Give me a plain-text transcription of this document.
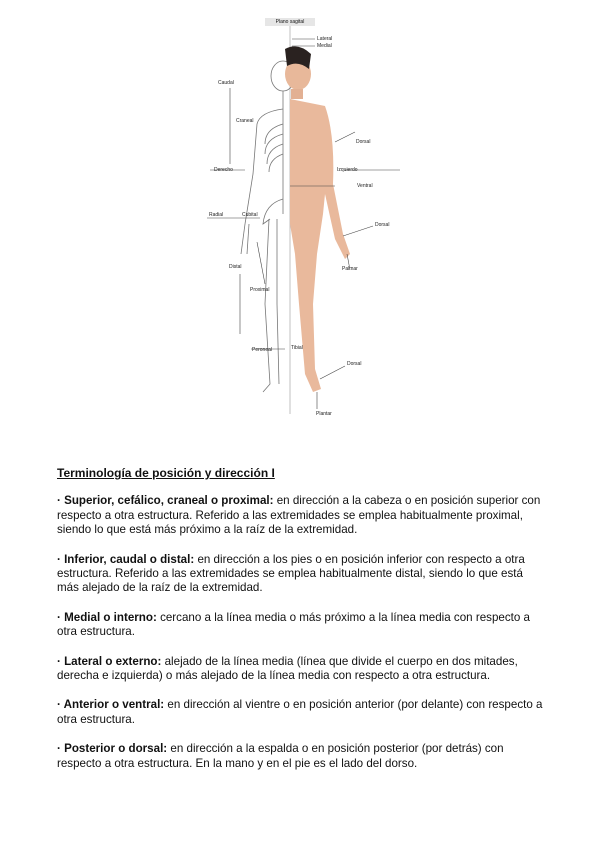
Plano sagital
Lateral
Medial
Caudal
Craneal
Dorsal
Derecho	Izquierdo
Ventral
Radial	Cubital
Dorsal
Palmar
Distal
Proximal
Peroneal	Tibial
Dorsal
Plantar
Terminología de posición y dirección I
· Superior, cefálico, craneal o proximal: en dirección a la cabeza o en posición superior con respecto a otra estructura. Referido a las extremidades se emplea habitualmente proximal, siendo lo que está más próximo a la raíz de la extremidad.
· Inferior, caudal o distal: en dirección a los pies o en posición inferior con respecto a otra estructura. Referido a las extremidades se emplea habitualmente distal, siendo lo que está más alejado de la raíz de la extremidad.
· Medial o interno: cercano a la línea media o más próximo a la línea media con respecto a otra estructura.
· Lateral o externo: alejado de la línea media (línea que divide el cuerpo en dos mitades, derecha e izquierda) o más alejado de la línea media con respecto a otra estructura.
· Anterior o ventral: en dirección al vientre o en posición anterior (por delante) con respecto a otra estructura.
· Posterior o dorsal: en dirección a la espalda o en posición posterior (por detrás) con respecto a otra estructura. En la mano y en el pie es el lado del dorso.
